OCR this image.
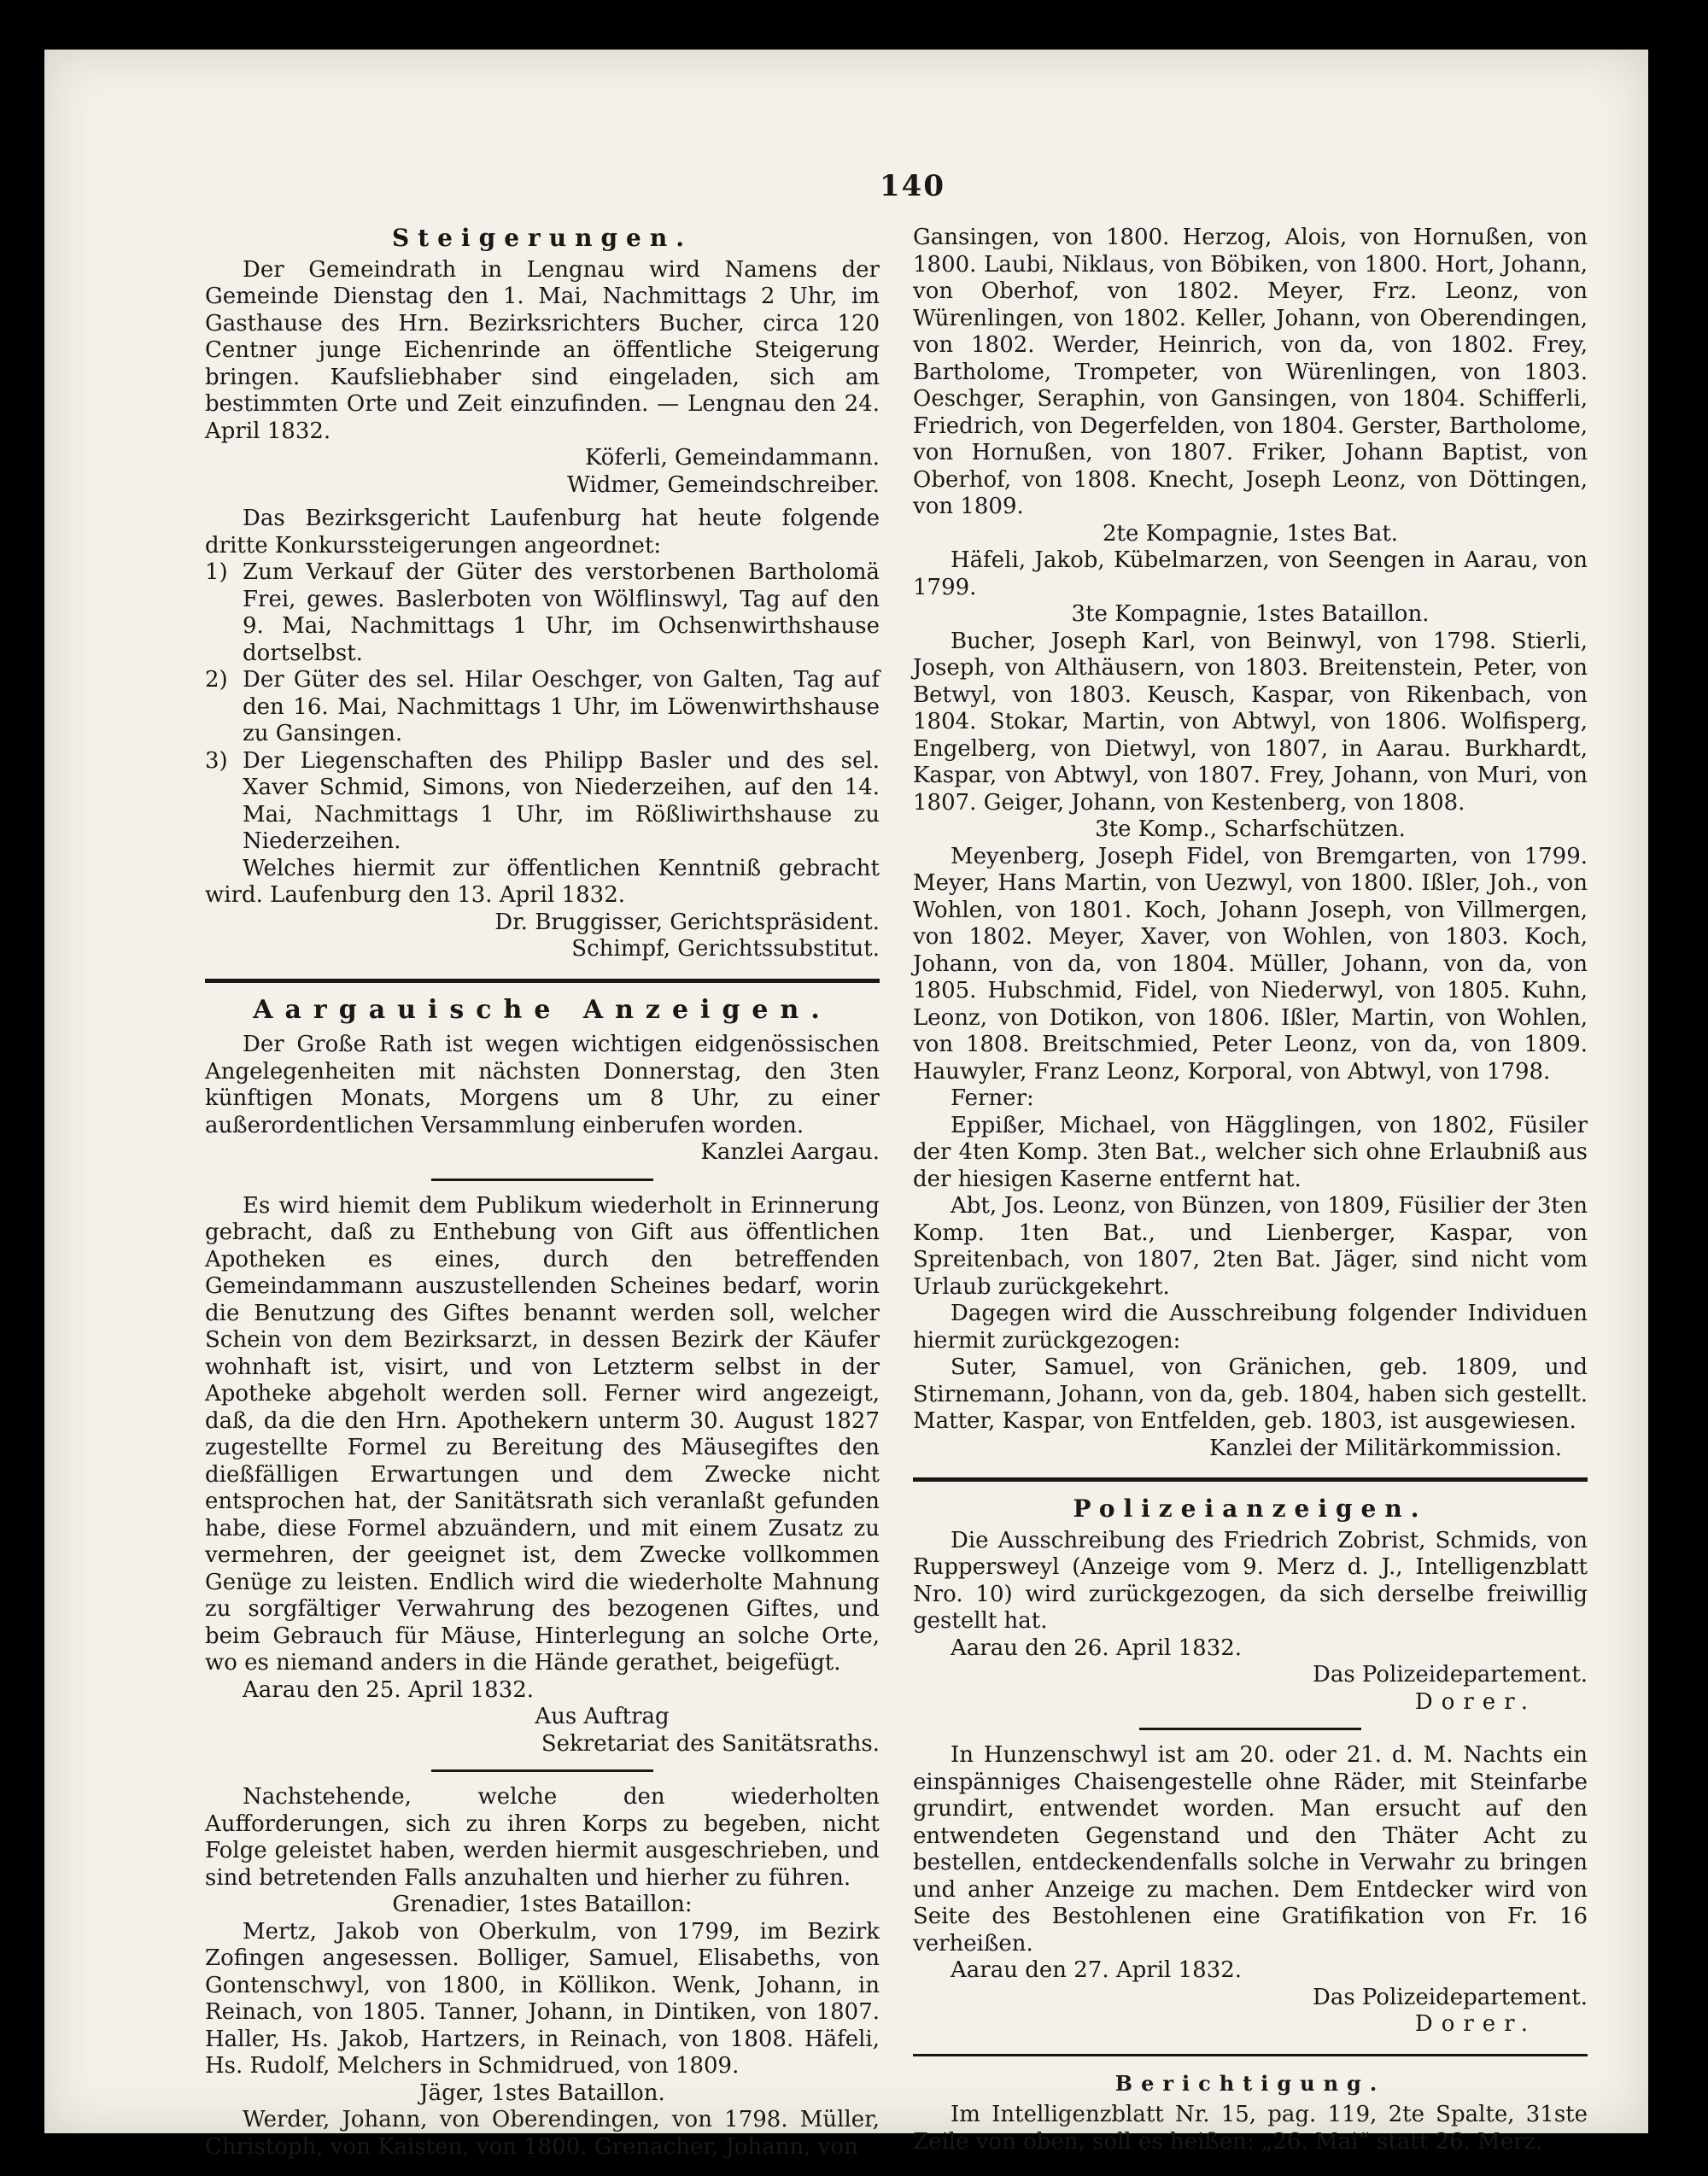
140
Steigerungen.

Der Gemeindrath in Lengnau wird Namens der Gemeinde Dienstag den 1. Mai, Nachmittags 2 Uhr, im Gasthause des Hrn. Bezirksrichters Bucher, circa 120 Centner junge Eichenrinde an öffentliche Steigerung bringen. Kaufsliebhaber sind eingeladen, sich am bestimmten Orte und Zeit einzufinden. — Lengnau den 24. April 1832.

Köferli, Gemeindammann.

Widmer, Gemeindschreiber.

Das Bezirksgericht Laufenburg hat heute folgende dritte Konkurssteigerungen angeordnet:

1) Zum Verkauf der Güter des verstorbenen Bartholomä Frei, gewes. Baslerboten von Wölflinswyl, Tag auf den 9. Mai, Nachmittags 1 Uhr, im Ochsenwirthshause dortselbst.
2) Der Güter des sel. Hilar Oeschger, von Galten, Tag auf den 16. Mai, Nachmittags 1 Uhr, im Löwenwirthshause zu Gansingen.
3) Der Liegenschaften des Philipp Basler und des sel. Xaver Schmid, Simons, von Niederzeihen, auf den 14. Mai, Nachmittags 1 Uhr, im Rößliwirthshause zu Niederzeihen.

Welches hiermit zur öffentlichen Kenntniß gebracht wird. Laufenburg den 13. April 1832.

Dr. Bruggisser, Gerichtspräsident.

Schimpf, Gerichtssubstitut.

Aargauische Anzeigen.

Der Große Rath ist wegen wichtigen eidgenössischen Angelegenheiten mit nächsten Donnerstag, den 3ten künftigen Monats, Morgens um 8 Uhr, zu einer außerordentlichen Versammlung einberufen worden.

Kanzlei Aargau.

Es wird hiemit dem Publikum wiederholt in Erinnerung gebracht, daß zu Enthebung von Gift aus öffentlichen Apotheken es eines, durch den betreffenden Gemeindammann auszustellenden Scheines bedarf, worin die Benutzung des Giftes benannt werden soll, welcher Schein von dem Bezirksarzt, in dessen Bezirk der Käufer wohnhaft ist, visirt, und von Letzterm selbst in der Apotheke abgeholt werden soll. Ferner wird angezeigt, daß, da die den Hrn. Apothekern unterm 30. August 1827 zugestellte Formel zu Bereitung des Mäusegiftes den dießfälligen Erwartungen und dem Zwecke nicht entsprochen hat, der Sanitätsrath sich veranlaßt gefunden habe, diese Formel abzuändern, und mit einem Zusatz zu vermehren, der geeignet ist, dem Zwecke vollkommen Genüge zu leisten. Endlich wird die wiederholte Mahnung zu sorgfältiger Verwahrung des bezogenen Giftes, und beim Gebrauch für Mäuse, Hinterlegung an solche Orte, wo es niemand anders in die Hände gerathet, beigefügt.

Aarau den 25. April 1832.

Aus Auftrag

Sekretariat des Sanitätsraths.

Nachstehende, welche den wiederholten Aufforderungen, sich zu ihren Korps zu begeben, nicht Folge geleistet haben, werden hiermit ausgeschrieben, und sind betretenden Falls anzuhalten und hierher zu führen.

Grenadier, 1stes Bataillon:

Mertz, Jakob von Oberkulm, von 1799, im Bezirk Zofingen angesessen. Bolliger, Samuel, Elisabeths, von Gontenschwyl, von 1800, in Köllikon. Wenk, Johann, in Reinach, von 1805. Tanner, Johann, in Dintiken, von 1807. Haller, Hs. Jakob, Hartzers, in Reinach, von 1808. Häfeli, Hs. Rudolf, Melchers in Schmidrued, von 1809.

Jäger, 1stes Bataillon.

Werder, Johann, von Oberendingen, von 1798. Müller, Christoph, von Kaisten, von 1800. Grenacher, Johann, von

Gansingen, von 1800. Herzog, Alois, von Hornußen, von 1800. Laubi, Niklaus, von Böbiken, von 1800. Hort, Johann, von Oberhof, von 1802. Meyer, Frz. Leonz, von Würenlingen, von 1802. Keller, Johann, von Oberendingen, von 1802. Werder, Heinrich, von da, von 1802. Frey, Bartholome, Trompeter, von Würenlingen, von 1803. Oeschger, Seraphin, von Gansingen, von 1804. Schifferli, Friedrich, von Degerfelden, von 1804. Gerster, Bartholome, von Hornußen, von 1807. Friker, Johann Baptist, von Oberhof, von 1808. Knecht, Joseph Leonz, von Döttingen, von 1809.

2te Kompagnie, 1stes Bat.

Häfeli, Jakob, Kübelmarzen, von Seengen in Aarau, von 1799.

3te Kompagnie, 1stes Bataillon.

Bucher, Joseph Karl, von Beinwyl, von 1798. Stierli, Joseph, von Althäusern, von 1803. Breitenstein, Peter, von Betwyl, von 1803. Keusch, Kaspar, von Rikenbach, von 1804. Stokar, Martin, von Abtwyl, von 1806. Wolfisperg, Engelberg, von Dietwyl, von 1807, in Aarau. Burkhardt, Kaspar, von Abtwyl, von 1807. Frey, Johann, von Muri, von 1807. Geiger, Johann, von Kestenberg, von 1808.

3te Komp., Scharfschützen.

Meyenberg, Joseph Fidel, von Bremgarten, von 1799. Meyer, Hans Martin, von Uezwyl, von 1800. Ißler, Joh., von Wohlen, von 1801. Koch, Johann Joseph, von Villmergen, von 1802. Meyer, Xaver, von Wohlen, von 1803. Koch, Johann, von da, von 1804. Müller, Johann, von da, von 1805. Hubschmid, Fidel, von Niederwyl, von 1805. Kuhn, Leonz, von Dotikon, von 1806. Ißler, Martin, von Wohlen, von 1808. Breitschmied, Peter Leonz, von da, von 1809. Hauwyler, Franz Leonz, Korporal, von Abtwyl, von 1798.

Ferner:

Eppißer, Michael, von Hägglingen, von 1802, Füsiler der 4ten Komp. 3ten Bat., welcher sich ohne Erlaubniß aus der hiesigen Kaserne entfernt hat.

Abt, Jos. Leonz, von Bünzen, von 1809, Füsilier der 3ten Komp. 1ten Bat., und Lienberger, Kaspar, von Spreitenbach, von 1807, 2ten Bat. Jäger, sind nicht vom Urlaub zurückgekehrt.

Dagegen wird die Ausschreibung folgender Individuen hiermit zurückgezogen:

Suter, Samuel, von Gränichen, geb. 1809, und Stirnemann, Johann, von da, geb. 1804, haben sich gestellt. Matter, Kaspar, von Entfelden, geb. 1803, ist ausgewiesen.

Kanzlei der Militärkommission.

Polizeianzeigen.

Die Ausschreibung des Friedrich Zobrist, Schmids, von Ruppersweyl (Anzeige vom 9. Merz d. J., Intelligenzblatt Nro. 10) wird zurückgezogen, da sich derselbe freiwillig gestellt hat.

Aarau den 26. April 1832.

Das Polizeidepartement.

Dorer.

In Hunzenschwyl ist am 20. oder 21. d. M. Nachts ein einspänniges Chaisengestelle ohne Räder, mit Steinfarbe grundirt, entwendet worden. Man ersucht auf den entwendeten Gegenstand und den Thäter Acht zu bestellen, entdeckendenfalls solche in Verwahr zu bringen und anher Anzeige zu machen. Dem Entdecker wird von Seite des Bestohlenen eine Gratifikation von Fr. 16 verheißen.

Aarau den 27. April 1832.

Das Polizeidepartement.

Dorer.

Berichtigung.

Im Intelligenzblatt Nr. 15, pag. 119, 2te Spalte, 31ste Zeile von oben, soll es heißen: „26. Mai“ statt 26. Merz.
